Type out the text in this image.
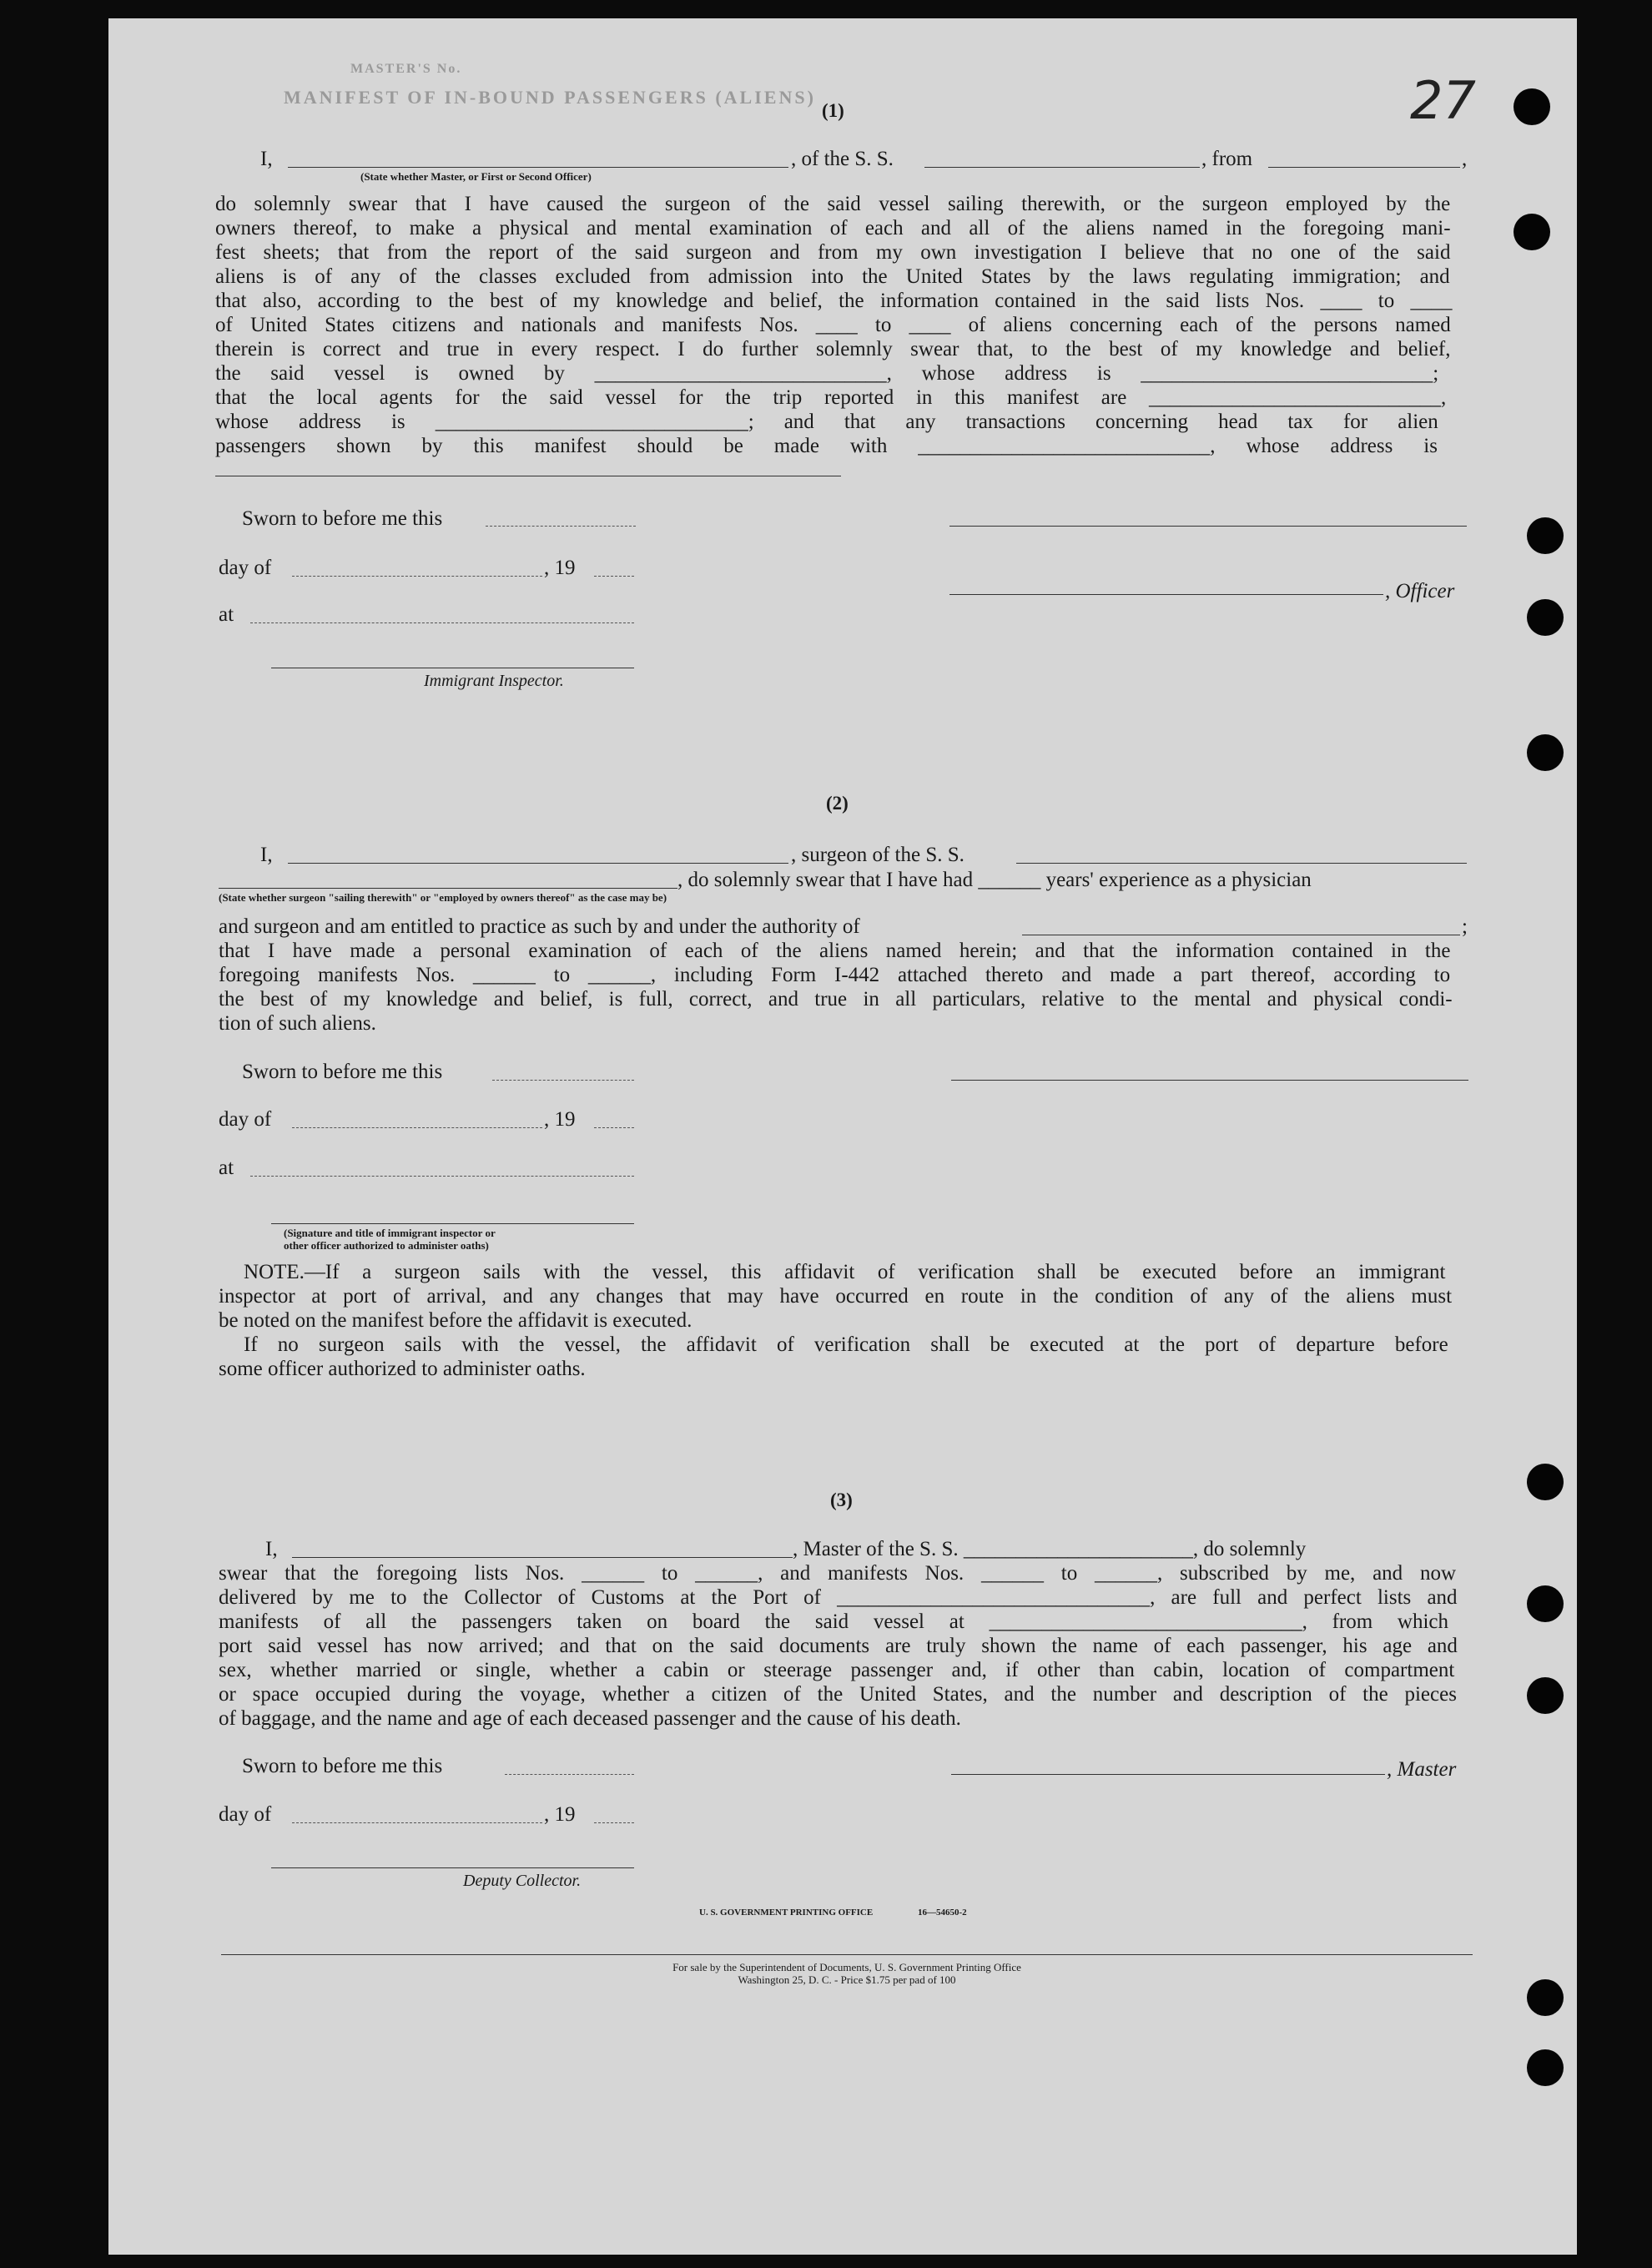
MASTER'S No.
MANIFEST OF IN-BOUND PASSENGERS (ALIENS)	27
(1)
I,	, of the S. S.	, from	,
(State whether Master, or First or Second Officer)
do solemnly swear that I have caused the surgeon of the said vessel sailing therewith, or the surgeon employed by the
owners thereof, to make a physical and mental examination of each and all of the aliens named in the foregoing mani-
fest sheets; that from the report of the said surgeon and from my own investigation I believe that no one of the said
aliens is of any of the classes excluded from admission into the United States by the laws regulating immigration; and
that also, according to the best of my knowledge and belief, the information contained in the said lists Nos. ____ to ____
of United States citizens and nationals and manifests Nos. ____ to ____ of aliens concerning each of the persons named
therein is correct and true in every respect. I do further solemnly swear that, to the best of my knowledge and belief,
the said vessel is owned by ____________________________, whose address is ____________________________;
that the local agents for the said vessel for the trip reported in this manifest are ____________________________,
whose address is ______________________________; and that any transactions concerning head tax for alien
passengers shown by this manifest should be made with ____________________________, whose address is
Sworn to before me this
day of	, 19
, Officer
at
Immigrant Inspector.
(2)
I,	, surgeon of the S. S.
, do solemnly swear that I have had ______ years' experience as a physician
(State whether surgeon "sailing therewith" or "employed by owners thereof" as the case may be)
and surgeon and am entitled to practice as such by and under the authority of	;
that I have made a personal examination of each of the aliens named herein; and that the information contained in the
foregoing manifests Nos. ______ to ______, including Form I-442 attached thereto and made a part thereof, according to
the best of my knowledge and belief, is full, correct, and true in all particulars, relative to the mental and physical condi-
tion of such aliens.
Sworn to before me this
day of	, 19
at
(Signature and title of immigrant inspector or
other officer authorized to administer oaths)
NOTE.—If a surgeon sails with the vessel, this affidavit of verification shall be executed before an immigrant
inspector at port of arrival, and any changes that may have occurred en route in the condition of any of the aliens must
be noted on the manifest before the affidavit is executed.
If no surgeon sails with the vessel, the affidavit of verification shall be executed at the port of departure before
some officer authorized to administer oaths.
(3)
I,	, Master of the S. S. ______________________, do solemnly
swear that the foregoing lists Nos. ______ to ______, and manifests Nos. ______ to ______, subscribed by me, and now
delivered by me to the Collector of Customs at the Port of ______________________________, are full and perfect lists and
manifests of all the passengers taken on board the said vessel at ______________________________, from which
port said vessel has now arrived; and that on the said documents are truly shown the name of each passenger, his age and
sex, whether married or single, whether a cabin or steerage passenger and, if other than cabin, location of compartment
or space occupied during the voyage, whether a citizen of the United States, and the number and description of the pieces
of baggage, and the name and age of each deceased passenger and the cause of his death.
Sworn to before me this	, Master
day of	, 19
Deputy Collector.
U. S. GOVERNMENT PRINTING OFFICE	16—54650-2
For sale by the Superintendent of Documents, U. S. Government Printing Office
Washington 25, D. C. - Price $1.75 per pad of 100
